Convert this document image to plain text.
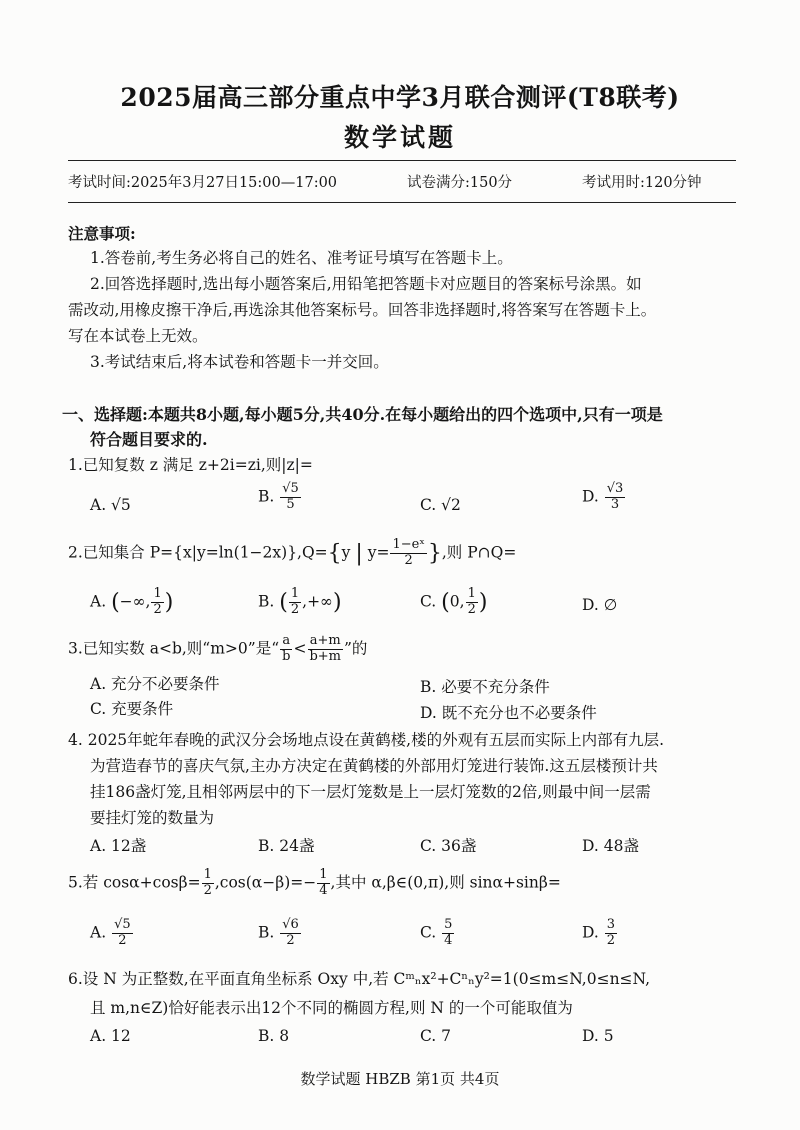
2025届高三部分重点中学3月联合测评(T8联考)
数学试题
考试时间:2025年3月27日15:00—17:00	试卷满分:150分	考试用时:120分钟
注意事项:
1.答卷前,考生务必将自己的姓名、准考证号填写在答题卡上。
2.回答选择题时,选出每小题答案后,用铅笔把答题卡对应题目的答案标号涂黑。如
需改动,用橡皮擦干净后,再选涂其他答案标号。回答非选择题时,将答案写在答题卡上。
写在本试卷上无效。
3.考试结束后,将本试卷和答题卡一并交回。
一、选择题:本题共8小题,每小题5分,共40分.在每小题给出的四个选项中,只有一项是
符合题目要求的.
1.已知复数 z 满足 z+2i=zi,则|z|=
A. √5	B. $\frac{√5}{5}$	C. √2	D. $\frac{√3}{3}$
2.已知集合 P={x|y=ln(1−2x)},Q={y | $y= \frac{\text{1−eˣ}}{2}$ },则 P∩Q=
A. (−∞, $\frac{1}{2}$ )	B. ( $\frac{1}{2}$ ,+∞)	C. (0, $\frac{1}{2}$ )	D. ∅
3.已知实数 a<b,则“m>0”是“ $\frac{a}{b} < \frac{a+m}{b+m}$ ”的
A. 充分不必要条件	B. 必要不充分条件
C. 充要条件	D. 既不充分也不必要条件
4. 2025年蛇年春晚的武汉分会场地点设在黄鹤楼,楼的外观有五层而实际上内部有九层.
为营造春节的喜庆气氛,主办方决定在黄鹤楼的外部用灯笼进行装饰.这五层楼预计共
挂186盏灯笼,且相邻两层中的下一层灯笼数是上一层灯笼数的2倍,则最中间一层需
要挂灯笼的数量为
A. 12盏	B. 24盏	C. 36盏	D. 48盏
5.若 $\cos\alpha+\cos\beta= \frac{1}{2} ,\cos(\alpha-\beta)=- \frac{1}{4}$ ,其中 α,β∈(0,π),则 sinα+sinβ=
A. $\frac{√5}{2}$	B. $\frac{√6}{2}$	C. $\frac{5}{4}$	D. $\frac{3}{2}$
6.设 N 为正整数,在平面直角坐标系 Oxy 中,若 Cᵐₙx²+Cⁿₙy²=1(0≤m≤N,0≤n≤N,
且 m,n∈Z)恰好能表示出12个不同的椭圆方程,则 N 的一个可能取值为
A. 12	B. 8	C. 7	D. 5
数学试题 HBZB 第1页 共4页
